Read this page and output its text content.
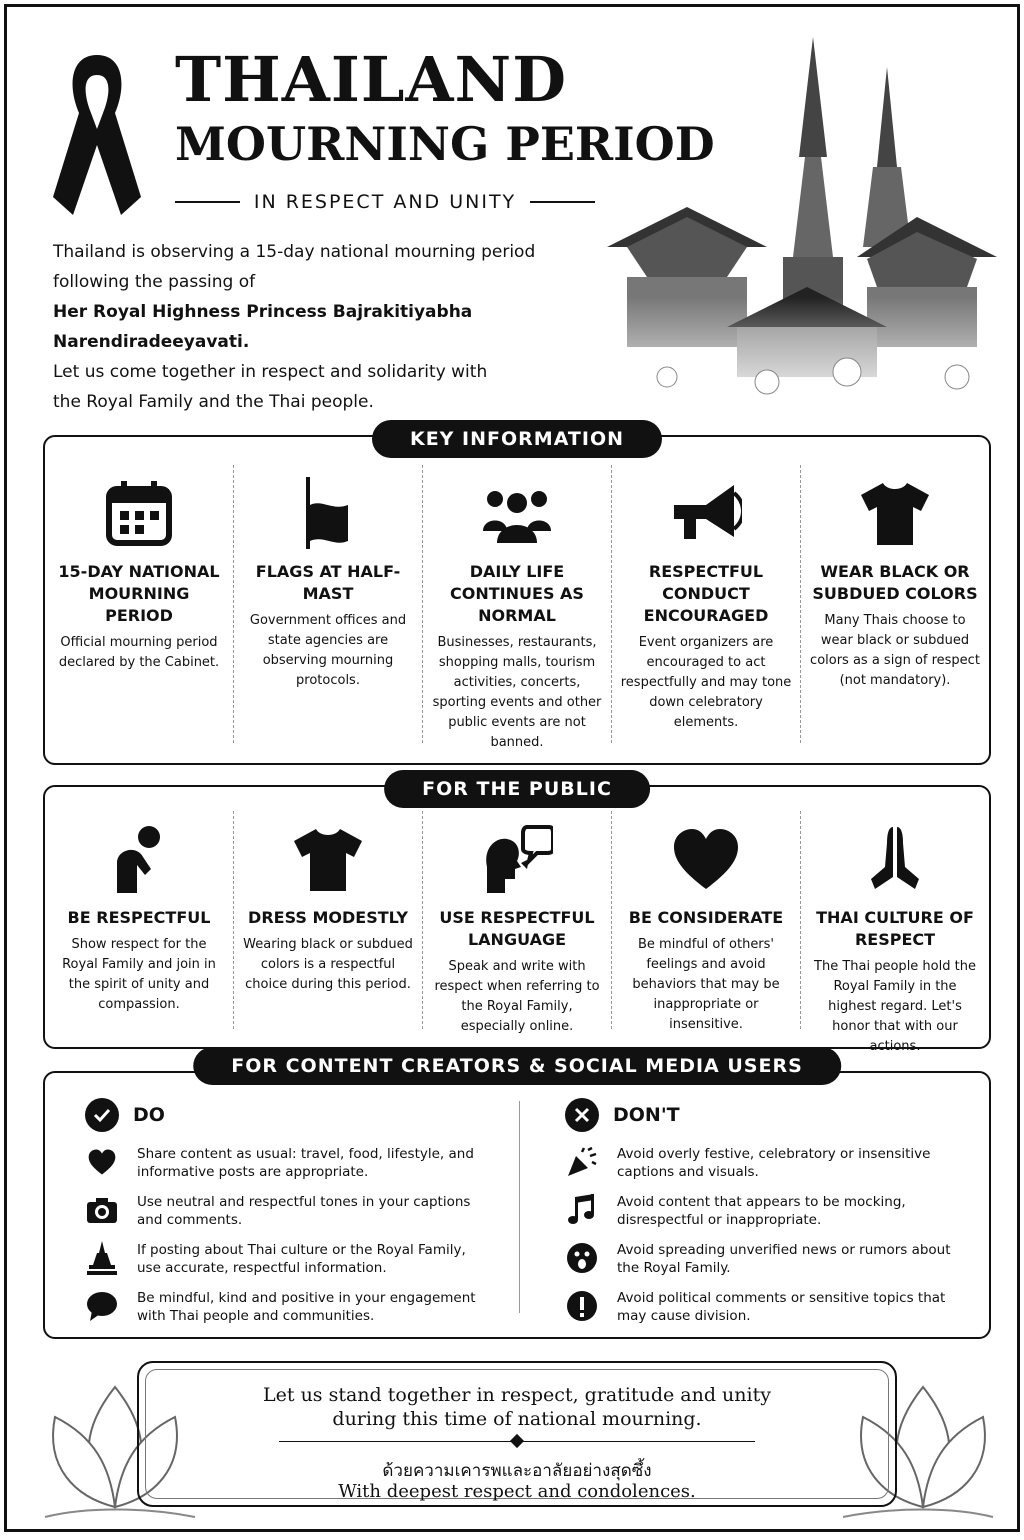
THAILAND
MOURNING PERIOD
IN RESPECT AND UNITY

Thailand is observing a 15-day national mourning period

following the passing of

Her Royal Highness Princess Bajrakitiyabha Narendiradeeyavati.

Let us come together in respect and solidarity with

the Royal Family and the Thai people.

KEY INFORMATION
15-DAY NATIONAL MOURNING PERIOD

Official mourning period declared by the Cabinet.

FLAGS AT HALF-MAST

Government offices and state agencies are observing mourning protocols.

DAILY LIFE CONTINUES AS NORMAL

Businesses, restaurants, shopping malls, tourism activities, concerts, sporting events and other public events are not banned.

RESPECTFUL CONDUCT ENCOURAGED

Event organizers are encouraged to act respectfully and may tone down celebratory elements.

WEAR BLACK OR SUBDUED COLORS

Many Thais choose to wear black or subdued colors as a sign of respect (not mandatory).

FOR THE PUBLIC
BE RESPECTFUL

Show respect for the Royal Family and join in the spirit of unity and compassion.

DRESS MODESTLY

Wearing black or subdued colors is a respectful choice during this period.

USE RESPECTFUL LANGUAGE

Speak and write with respect when referring to the Royal Family, especially online.

BE CONSIDERATE

Be mindful of others' feelings and avoid behaviors that may be inappropriate or insensitive.

THAI CULTURE OF RESPECT

The Thai people hold the Royal Family in the highest regard. Let's honor that with our actions.

FOR CONTENT CREATORS & SOCIAL MEDIA USERS
DO
Share content as usual: travel, food, lifestyle, and informative posts are appropriate.
Use neutral and respectful tones in your captions and comments.
If posting about Thai culture or the Royal Family, use accurate, respectful information.
Be mindful, kind and positive in your engagement with Thai people and communities.
DON'T
Avoid overly festive, celebratory or insensitive captions and visuals.
Avoid content that appears to be mocking, disrespectful or inappropriate.
Avoid spreading unverified news or rumors about the Royal Family.
Avoid political comments or sensitive topics that may cause division.
Let us stand together in respect, gratitude and unity
during this time of national mourning.
ด้วยความเคารพและอาลัยอย่างสุดซึ้ง
With deepest respect and condolences.
